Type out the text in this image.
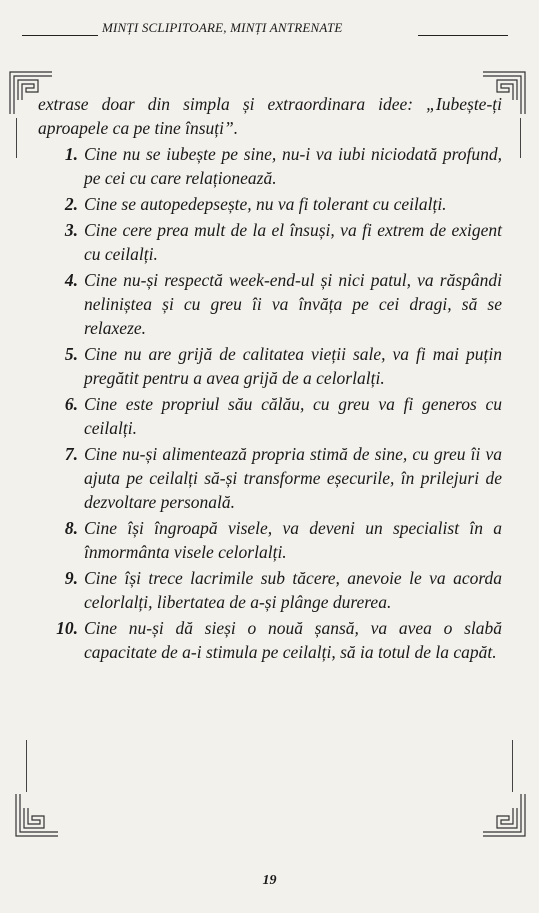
MINȚI SCLIPITOARE, MINȚI ANTRENATE

extrase doar din simpla și extraordinara idee: „Iubește-ți aproapele ca pe tine însuți”.

1. Cine nu se iubește pe sine, nu-i va iubi niciodată profund, pe cei cu care relaționează.
2. Cine se autopedepsește, nu va fi tolerant cu ceilalți.
3. Cine cere prea mult de la el însuși, va fi extrem de exigent cu ceilalți.
4. Cine nu-și respectă week-end-ul și nici patul, va răspândi neliniștea și cu greu îi va învăța pe cei dragi, să se relaxeze.
5. Cine nu are grijă de calitatea vieții sale, va fi mai puțin pregătit pentru a avea grijă de a celorlalți.
6. Cine este propriul său călău, cu greu va fi generos cu ceilalți.
7. Cine nu-și alimentează propria stimă de sine, cu greu îi va ajuta pe ceilalți să-și transforme eșecurile, în prilejuri de dezvoltare personală.
8. Cine își îngroapă visele, va deveni un specialist în a înmormânta visele celorlalți.
9. Cine își trece lacrimile sub tăcere, anevoie le va acorda celorlalți, libertatea de a-și plânge durerea.
10. Cine nu-și dă sieși o nouă șansă, va avea o slabă capacitate de a-i stimula pe ceilalți, să ia totul de la capăt.
19
